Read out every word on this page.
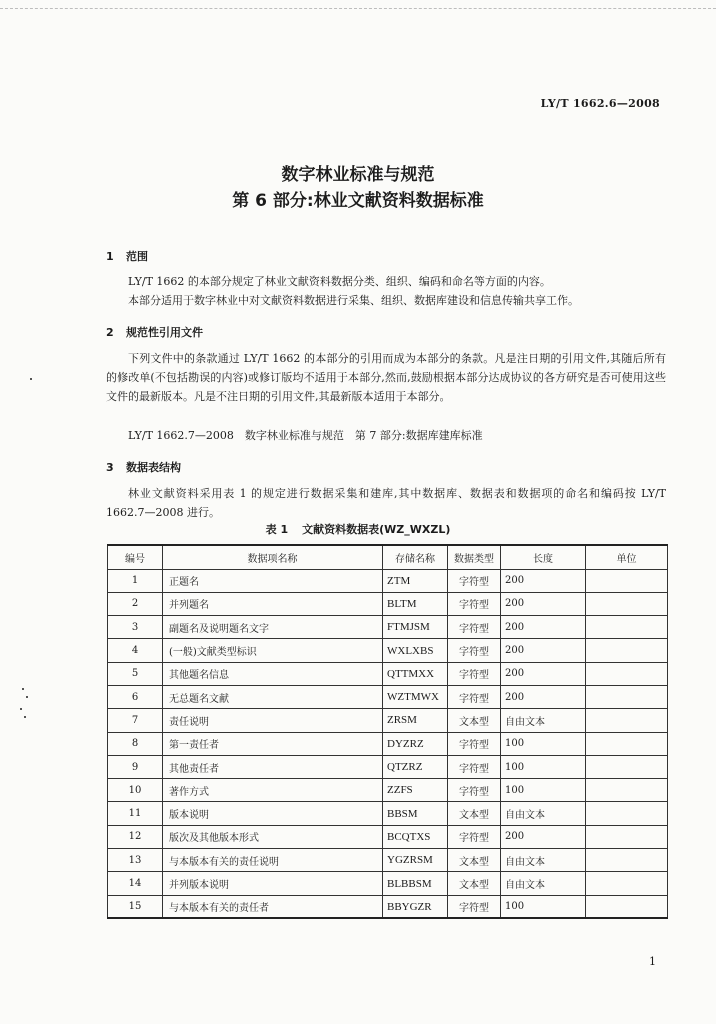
LY/T 1662.6—2008
数字林业标准与规范
第 6 部分:林业文献资料数据标准
1 范围
LY/T 1662 的本部分规定了林业文献资料数据分类、组织、编码和命名等方面的内容。
本部分适用于数字林业中对文献资料数据进行采集、组织、数据库建设和信息传输共享工作。
2 规范性引用文件
下列文件中的条款通过 LY/T 1662 的本部分的引用而成为本部分的条款。凡是注日期的引用文件,其随后所有的修改单(不包括勘误的内容)或修订版均不适用于本部分,然而,鼓励根据本部分达成协议的各方研究是否可使用这些文件的最新版本。凡是不注日期的引用文件,其最新版本适用于本部分。
LY/T 1662.7—2008　数字林业标准与规范　第 7 部分:数据库建库标准
3 数据表结构
林业文献资料采用表 1 的规定进行数据采集和建库,其中数据库、数据表和数据项的命名和编码按 LY/T 1662.7—2008 进行。
表 1 文献资料数据表(WZ_WXZL)
编号	数据项名称	存储名称	数据类型	长度	单位
1	正题名	ZTM	字符型	200	
2	并列题名	BLTM	字符型	200	
3	副题名及说明题名文字	FTMJSM	字符型	200	
4	(一般)文献类型标识	WXLXBS	字符型	200	
5	其他题名信息	QTTMXX	字符型	200	
6	无总题名文献	WZTMWX	字符型	200	
7	责任说明	ZRSM	文本型	自由文本	
8	第一责任者	DYZRZ	字符型	100	
9	其他责任者	QTZRZ	字符型	100	
10	著作方式	ZZFS	字符型	100	
11	版本说明	BBSM	文本型	自由文本	
12	版次及其他版本形式	BCQTXS	字符型	200	
13	与本版本有关的责任说明	YGZRSM	文本型	自由文本	
14	并列版本说明	BLBBSM	文本型	自由文本	
15	与本版本有关的责任者	BBYGZR	字符型	100	
1
